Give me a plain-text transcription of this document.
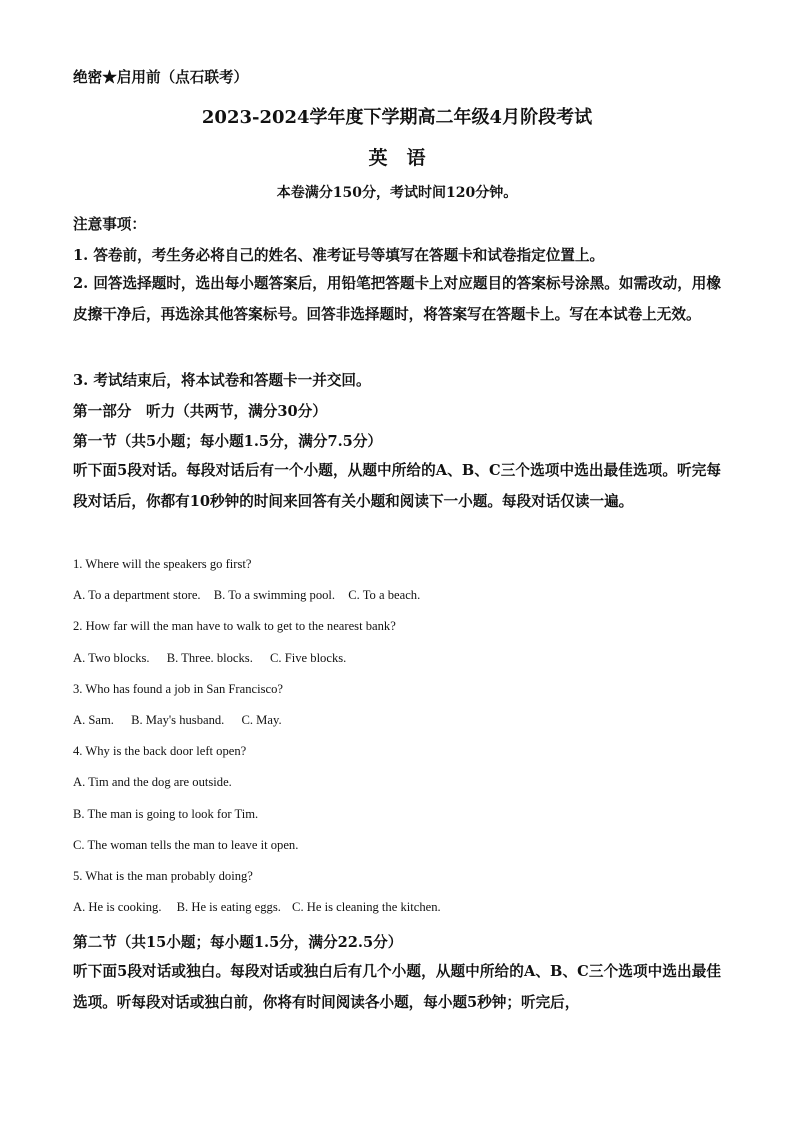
绝密★启用前（点石联考）
2023-2024学年度下学期高二年级4月阶段考试
英　语
本卷满分150分，考试时间120分钟。
注意事项：
1. 答卷前，考生务必将自己的姓名、准考证号等填写在答题卡和试卷指定位置上。
2. 回答选择题时，选出每小题答案后，用铅笔把答题卡上对应题目的答案标号涂黑。如需改动，用橡皮擦干净后，再选涂其他答案标号。回答非选择题时，将答案写在答题卡上。写在本试卷上无效。
3. 考试结束后，将本试卷和答题卡一并交回。
第一部分　听力（共两节，满分30分）
第一节（共5小题；每小题1.5分，满分7.5分）
听下面5段对话。每段对话后有一个小题，从题中所给的A、B、C三个选项中选出最佳选项。听完每段对话后，你都有10秒钟的时间来回答有关小题和阅读下一小题。每段对话仅读一遍。
1. Where will the speakers go first?
A. To a department store. B. To a swimming pool. C. To a beach.
2. How far will the man have to walk to get to the nearest bank?
A. Two blocks. B. Three. blocks. C. Five blocks.
3. Who has found a job in San Francisco?
A. Sam. B. May's husband. C. May.
4. Why is the back door left open?
A. Tim and the dog are outside.
B. The man is going to look for Tim.
C. The woman tells the man to leave it open.
5. What is the man probably doing?
A. He is cooking. B. He is eating eggs. C. He is cleaning the kitchen.
第二节（共15小题；每小题1.5分，满分22.5分）
听下面5段对话或独白。每段对话或独白后有几个小题，从题中所给的A、B、C三个选项中选出最佳选项。听每段对话或独白前，你将有时间阅读各小题，每小题5秒钟；听完后，
